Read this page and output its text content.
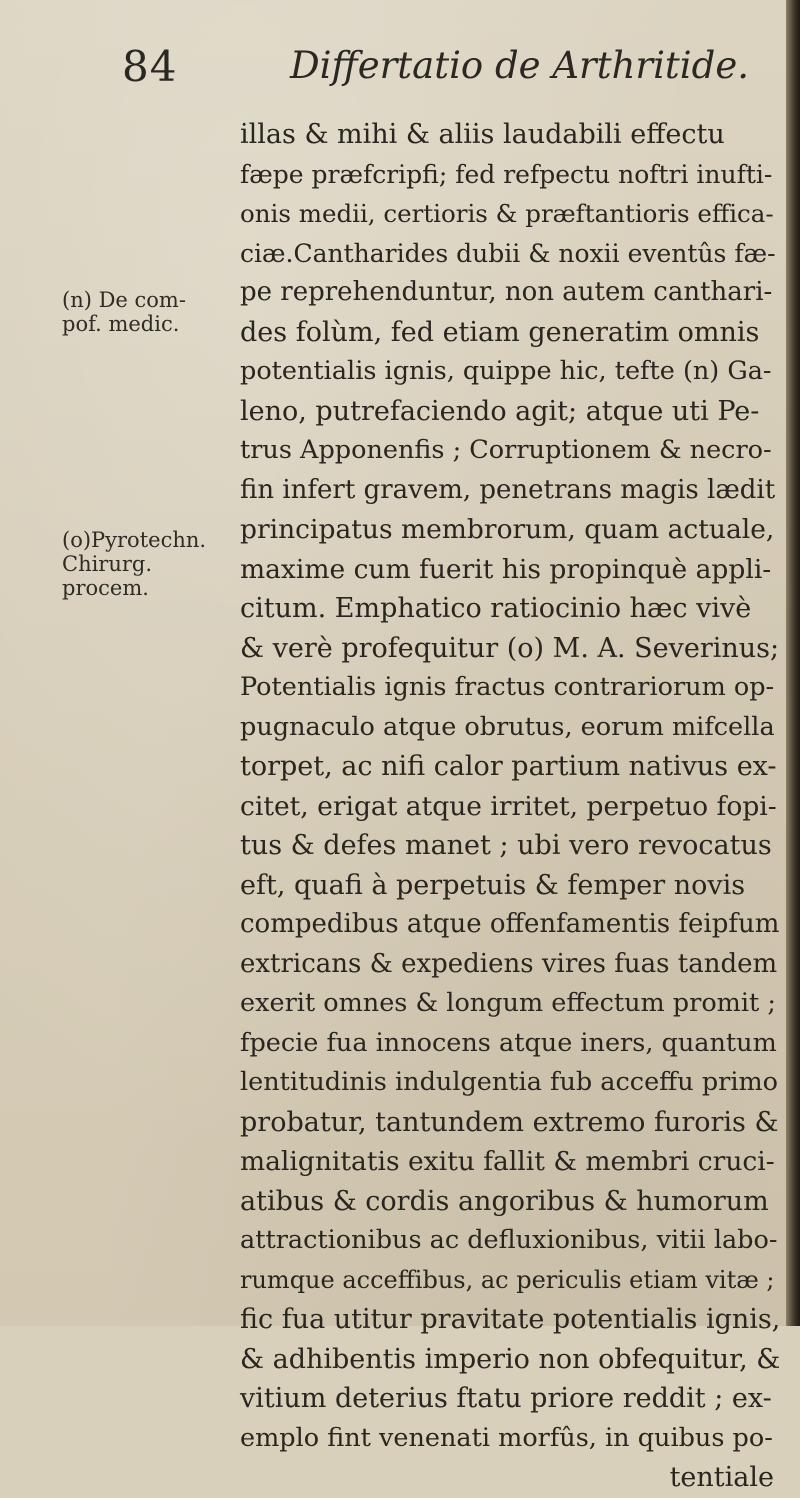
84	Differtatio de Arthritide.
(n) De com-
pof. medic.
(o)Pyrotechn.
Chirurg.
procem.
illas & mihi & aliis laudabili effectu
fæpe præfcripfi; fed refpectu noftri inufti-
onis medii, certioris & præftantioris effica-
ciæ.Cantharides dubii & noxii eventûs fæ-
pe reprehenduntur, non autem canthari-
des folùm, fed etiam generatim omnis
potentialis ignis, quippe hic, tefte (n) Ga-
leno, putrefaciendo agit; atque uti Pe-
trus Apponenfis ; Corruptionem & necro-
fin infert gravem, penetrans magis lædit
principatus membrorum, quam actuale,
maxime cum fuerit his propinquè appli-
citum. Emphatico ratiocinio hæc vivè
& verè profequitur (o) M. A. Severinus;
Potentialis ignis fractus contrariorum op-
pugnaculo atque obrutus, eorum mifcella
torpet, ac nifi calor partium nativus ex-
citet, erigat atque irritet, perpetuo fopi-
tus & defes manet ; ubi vero revocatus
eft, quafi à perpetuis & femper novis
compedibus atque offenfamentis feipfum
extricans & expediens vires fuas tandem
exerit omnes & longum effectum promit ;
fpecie fua innocens atque iners, quantum
lentitudinis indulgentia fub acceffu primo
probatur, tantundem extremo furoris &
malignitatis exitu fallit & membri cruci-
atibus & cordis angoribus & humorum
attractionibus ac defluxionibus, vitii labo-
rumque acceffibus, ac periculis etiam vitæ ;
fic fua utitur pravitate potentialis ignis,
& adhibentis imperio non obfequitur, &
vitium deterius ftatu priore reddit ; ex-
emplo fint venenati morfûs, in quibus po-
tentiale
